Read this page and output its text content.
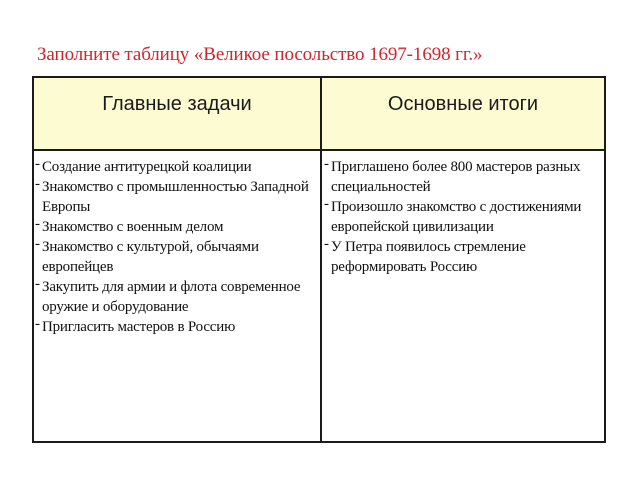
Заполните таблицу «Великое посольство 1697-1698 гг.»
Главные задачи	Основные итоги
- Создание антитурецкой коалиции
- Знакомство с промышленностью Западной Европы
- Знакомство с военным делом
- Знакомство с культурой, обычаями европейцев
- Закупить для армии и флота современное оружие и оборудование
- Пригласить мастеров в Россию
- Приглашено более 800 мастеров разных специальностей
- Произошло знакомство с достижениями европейской цивилизации
- У Петра появилось стремление реформировать Россию
